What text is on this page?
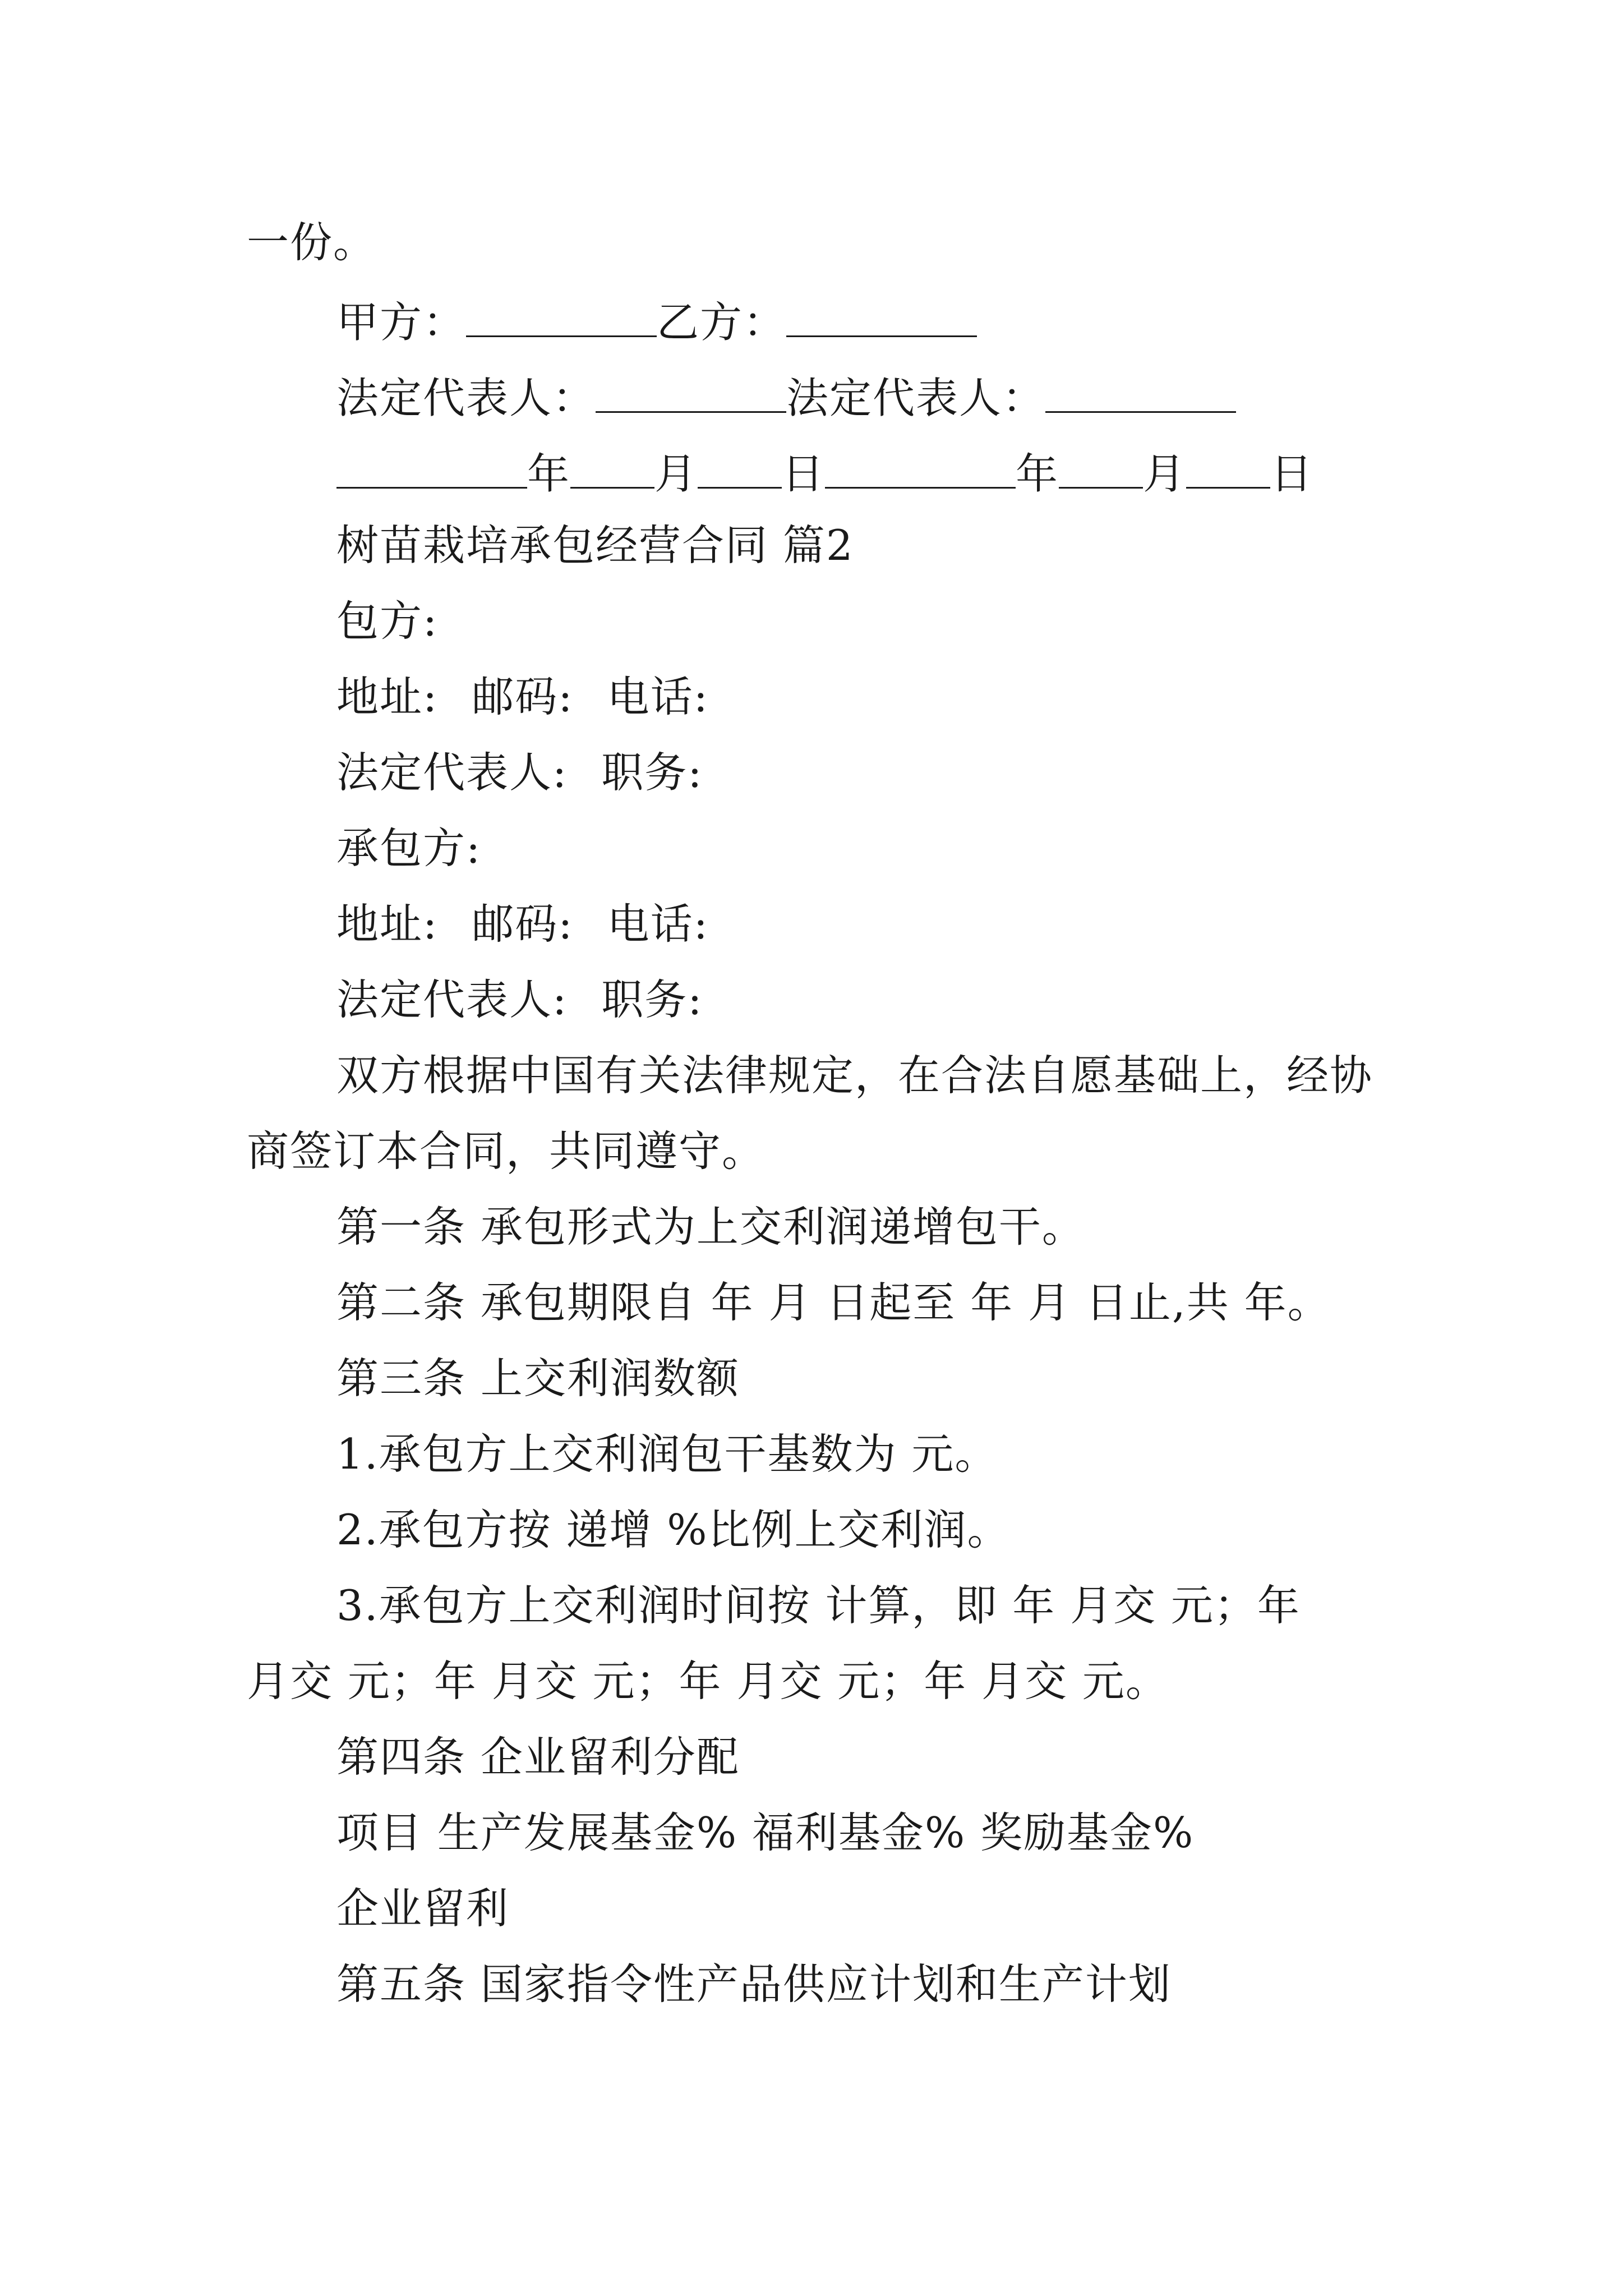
一份。
甲方：	乙方：
法定代表人：	法定代表人：
年 月 日	年 月 日
树苗栽培承包经营合同 篇2
包方:
地址: 邮码: 电话:
法定代表人: 职务:
承包方:
地址: 邮码: 电话:
法定代表人: 职务:
双方根据中国有关法律规定，在合法自愿基础上，经协
商签订本合同，共同遵守。
第一条 承包形式为上交利润递增包干。
第二条 承包期限自 年 月 日起至 年 月 日止,共 年。
第三条 上交利润数额
1.承包方上交利润包干基数为 元。
2.承包方按 递增 %比例上交利润。
3.承包方上交利润时间按 计算，即 年 月交 元；年
月交 元；年 月交 元；年 月交 元；年 月交 元。
第四条 企业留利分配
项目 生产发展基金% 福利基金% 奖励基金%
企业留利
第五条 国家指令性产品供应计划和生产计划
